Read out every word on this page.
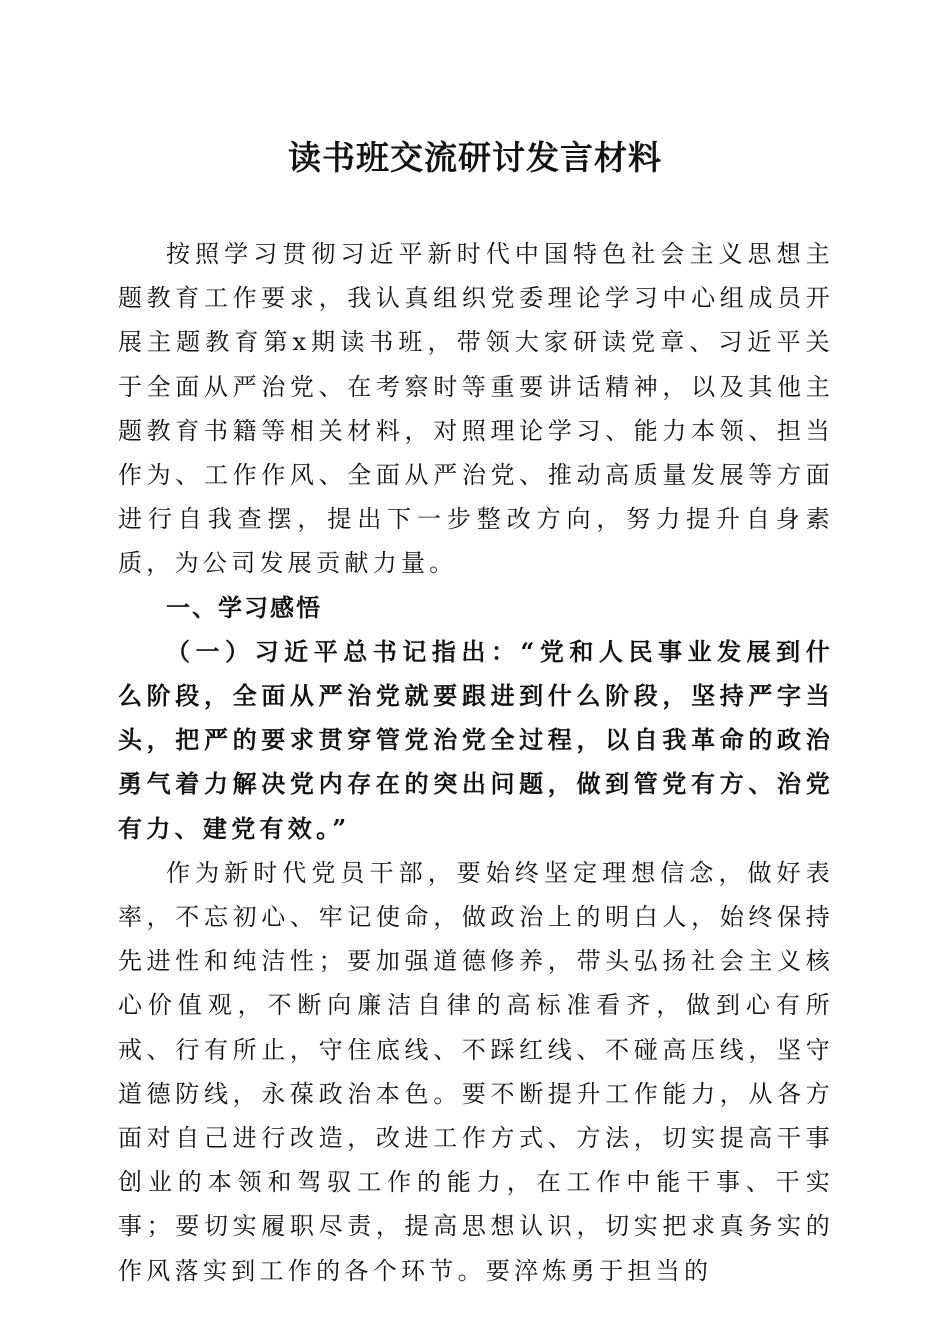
读书班交流研讨发言材料

按照学习贯彻习近平新时代中国特色社会主义思想主题教育工作要求，我认真组织党委理论学习中心组成员开展主题教育第x期读书班，带领大家研读党章、习近平关于全面从严治党、在考察时等重要讲话精神，以及其他主题教育书籍等相关材料，对照理论学习、能力本领、担当作为、工作作风、全面从严治党、推动高质量发展等方面进行自我查摆，提出下一步整改方向，努力提升自身素质，为公司发展贡献力量。

一、学习感悟

（一）习近平总书记指出：“党和人民事业发展到什么阶段，全面从严治党就要跟进到什么阶段，坚持严字当头，把严的要求贯穿管党治党全过程，以自我革命的政治勇气着力解决党内存在的突出问题，做到管党有方、治党有力、建党有效。”

作为新时代党员干部，要始终坚定理想信念，做好表率，不忘初心、牢记使命，做政治上的明白人，始终保持先进性和纯洁性；要加强道德修养，带头弘扬社会主义核心价值观，不断向廉洁自律的高标准看齐，做到心有所戒、行有所止，守住底线、不踩红线、不碰高压线，坚守道德防线，永葆政治本色。要不断提升工作能力，从各方面对自己进行改造，改进工作方式、方法，切实提高干事创业的本领和驾驭工作的能力，在工作中能干事、干实事；要切实履职尽责，提高思想认识，切实把求真务实的作风落实到工作的各个环节。要淬炼勇于担当的
